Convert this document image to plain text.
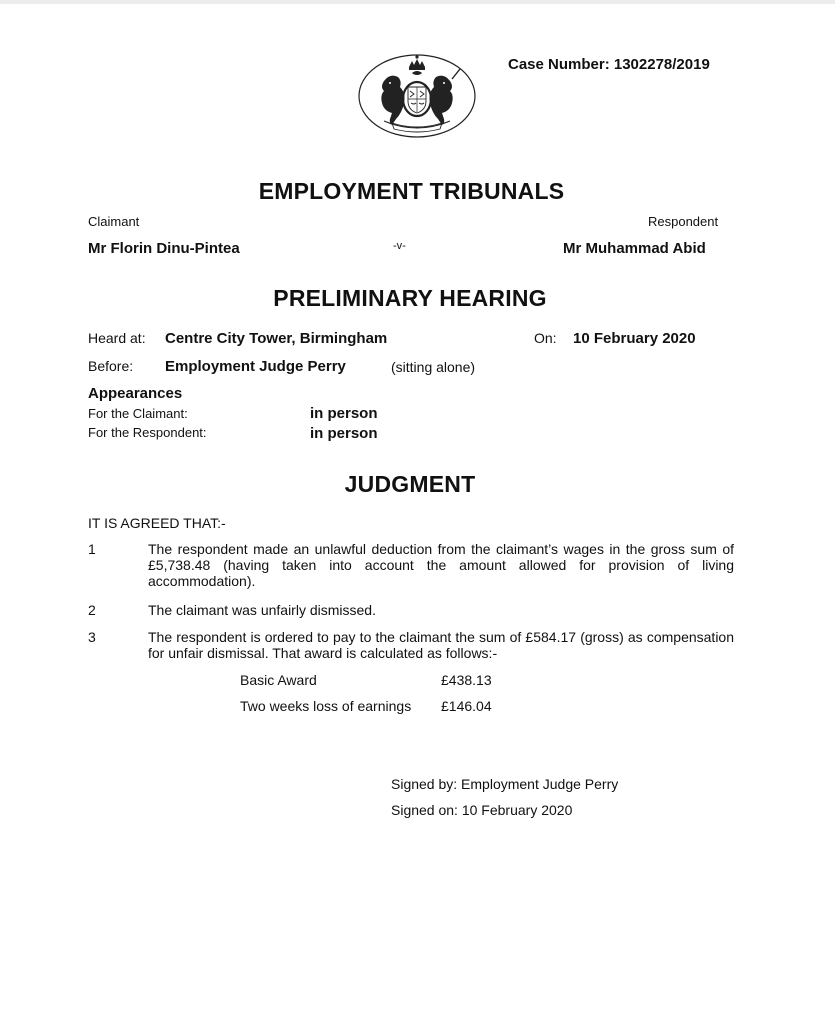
Case Number: 1302278/2019
EMPLOYMENT TRIBUNALS
Claimant	Respondent
Mr Florin Dinu-Pintea	-v-	Mr Muhammad Abid
PRELIMINARY HEARING
Heard at: Centre City Tower, Birmingham	On: 10 February 2020
Before: Employment Judge Perry	(sitting alone)
Appearances
For the Claimant:	in person
For the Respondent:	in person
JUDGMENT
IT IS AGREED THAT:-
1	The respondent made an unlawful deduction from the claimant’s wages in the gross sum of £5,738.48 (having taken into account the amount allowed for provision of living accommodation).
2	The claimant was unfairly dismissed.
3	The respondent is ordered to pay to the claimant the sum of £584.17 (gross) as compensation for unfair dismissal. That award is calculated as follows:-
Basic Award	£438.13
Two weeks loss of earnings £146.04
Signed by: Employment Judge Perry
Signed on: 10 February 2020
